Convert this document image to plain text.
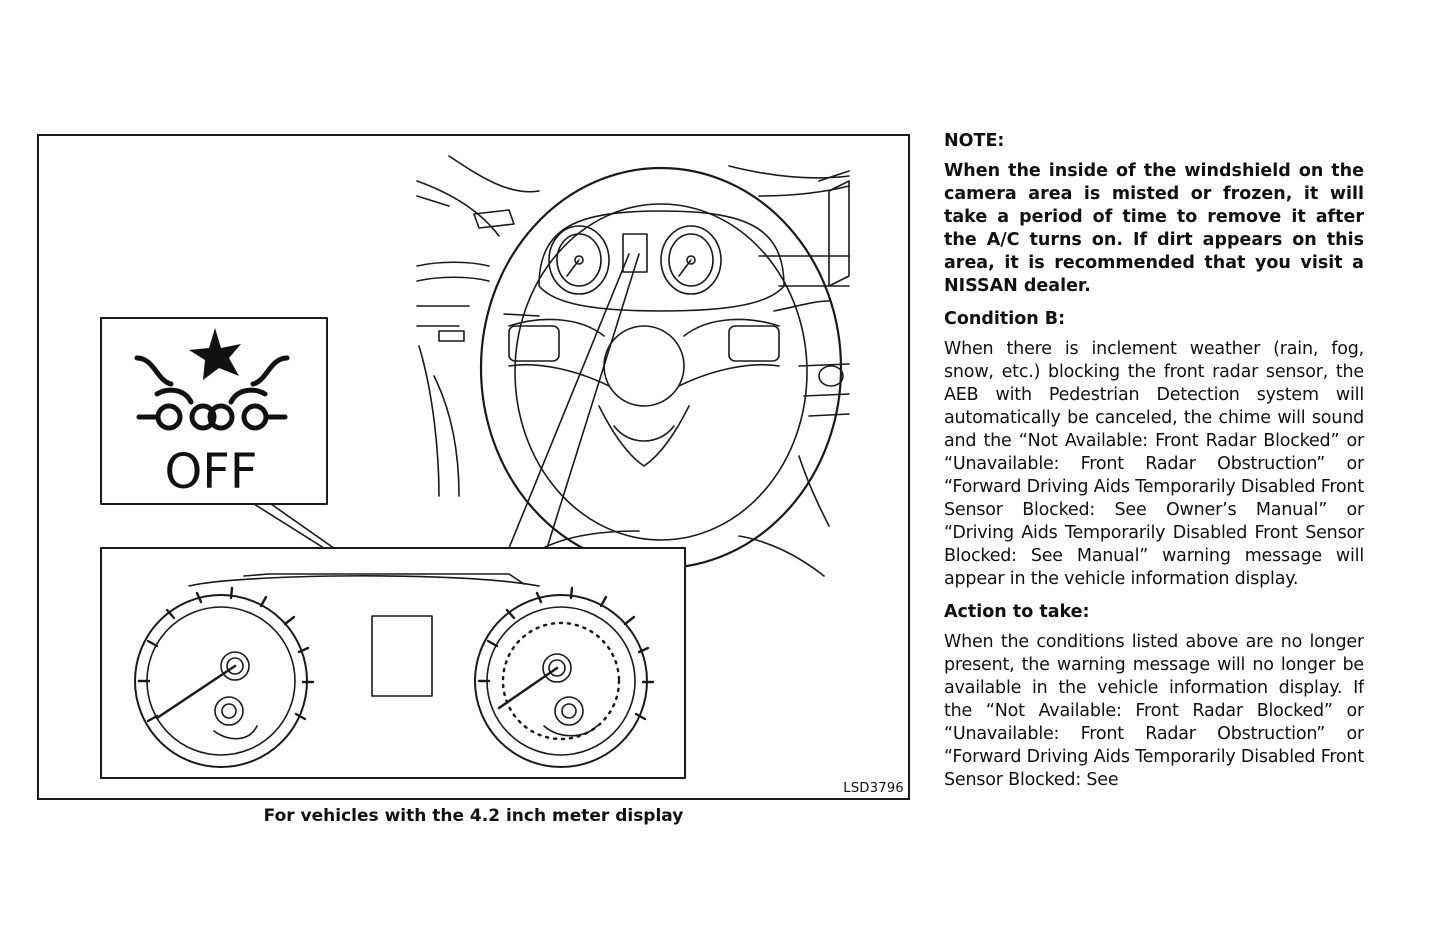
OFF
LSD3796
For vehicles with the 4.2 inch meter display
NOTE:
When the inside of the windshield on the camera area is misted or frozen, it will take a period of time to remove it after the A/C turns on. If dirt appears on this area, it is recommended that you visit a NISSAN dealer.
Condition B:
When there is inclement weather (rain, fog, snow, etc.) blocking the front radar sensor, the AEB with Pedestrian Detection system will automatically be canceled, the chime will sound and the “Not Available: Front Radar Blocked” or “Unavailable: Front Radar Obstruction” or “Forward Driving Aids Temporarily Disabled Front Sensor Blocked: See Owner’s Manual” or “Driving Aids Temporarily Disabled Front Sensor Blocked: See Manual” warning message will appear in the vehicle information display.
Action to take:
When the conditions listed above are no longer present, the warning message will no longer be available in the vehicle information display. If the “Not Available: Front Radar Blocked” or “Unavailable: Front Radar Obstruction” or “Forward Driving Aids Temporarily Disabled Front Sensor Blocked: See
